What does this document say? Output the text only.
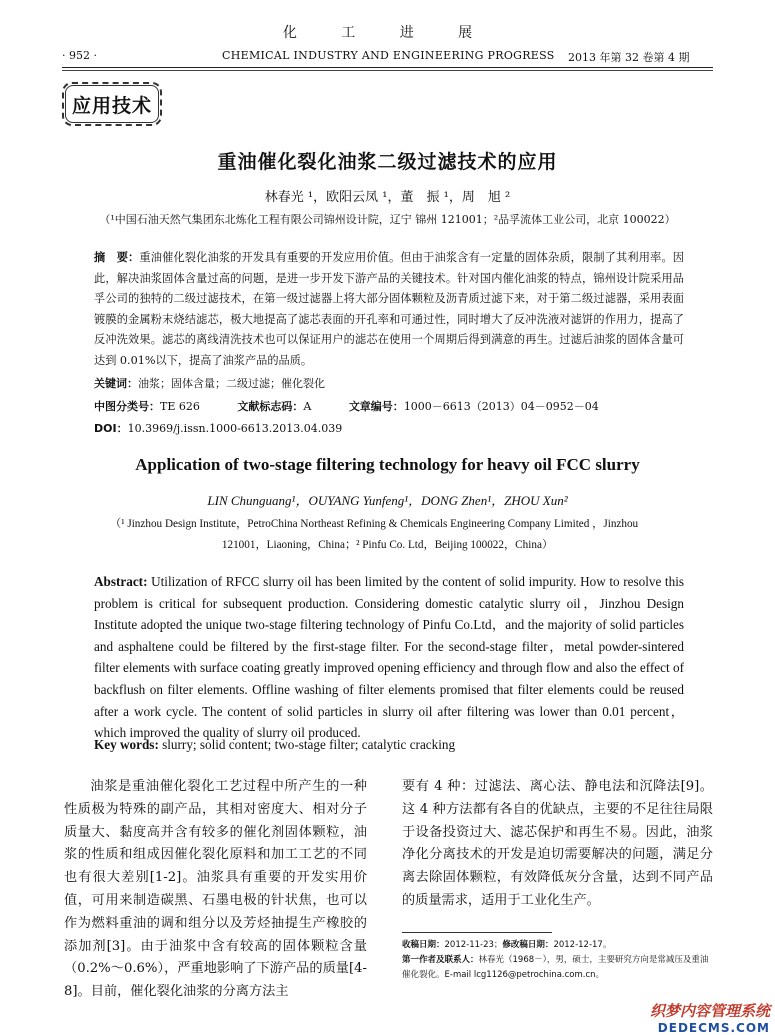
化 工 进 展
· 952 ·	CHEMICAL INDUSTRY AND ENGINEERING PROGRESS 2013 年第 32 卷第 4 期
应用技术
重油催化裂化油浆二级过滤技术的应用
林春光 ¹，欧阳云凤 ¹，董　振 ¹，周　旭 ²
（¹中国石油天然气集团东北炼化工程有限公司锦州设计院，辽宁 锦州 121001；²品孚流体工业公司，北京 100022）
摘　要：重油催化裂化油浆的开发具有重要的开发应用价值。但由于油浆含有一定量的固体杂质，限制了其利用率。因此，解决油浆固体含量过高的问题，是进一步开发下游产品的关键技术。针对国内催化油浆的特点，锦州设计院采用品孚公司的独特的二级过滤技术，在第一级过滤器上将大部分固体颗粒及沥青质过滤下来，对于第二级过滤器，采用表面镀膜的金属粉末烧结滤芯，极大地提高了滤芯表面的开孔率和可通过性，同时增大了反冲洗液对滤饼的作用力，提高了反冲洗效果。滤芯的离线清洗技术也可以保证用户的滤芯在使用一个周期后得到满意的再生。过滤后油浆的固体含量可达到 0.01%以下，提高了油浆产品的品质。
关键词：油浆；固体含量；二级过滤；催化裂化
中图分类号：TE 626	文献标志码：A	文章编号：1000－6613（2013）04－0952－04
DOI：10.3969/j.issn.1000-6613.2013.04.039
Application of two-stage filtering technology for heavy oil FCC slurry
LIN Chunguang¹，OUYANG Yunfeng¹，DONG Zhen¹，ZHOU Xun²
（¹ Jinzhou Design Institute，PetroChina Northeast Refining & Chemicals Engineering Company Limited ，Jinzhou
121001，Liaoning，China；² Pinfu Co. Ltd，Beijing 100022，China）
Abstract: Utilization of RFCC slurry oil has been limited by the content of solid impurity. How to resolve this problem is critical for subsequent production. Considering domestic catalytic slurry oil，Jinzhou Design Institute adopted the unique two-stage filtering technology of Pinfu Co.Ltd，and the majority of solid particles and asphaltene could be filtered by the first-stage filter. For the second-stage filter，metal powder-sintered filter elements with surface coating greatly improved opening efficiency and through flow and also the effect of backflush on filter elements. Offline washing of filter elements promised that filter elements could be reused after a work cycle. The content of solid particles in slurry oil after filtering was lower than 0.01 percent，which improved the quality of slurry oil produced.
Key words: slurry; solid content; two-stage filter; catalytic cracking
油浆是重油催化裂化工艺过程中所产生的一种性质极为特殊的副产品，其相对密度大、相对分子质量大、黏度高并含有较多的催化剂固体颗粒，油浆的性质和组成因催化裂化原料和加工工艺的不同也有很大差别[1-2]。油浆具有重要的开发实用价值，可用来制造碳黑、石墨电极的针状焦，也可以作为燃料重油的调和组分以及芳烃抽提生产橡胶的添加剂[3]。由于油浆中含有较高的固体颗粒含量（0.2%～0.6%），严重地影响了下游产品的质量[4-8]。目前，催化裂化油浆的分离方法主
要有 4 种：过滤法、离心法、静电法和沉降法[9]。这 4 种方法都有各自的优缺点，主要的不足往往局限于设备投资过大、滤芯保护和再生不易。因此，油浆净化分离技术的开发是迫切需要解决的问题，满足分离去除固体颗粒，有效降低灰分含量，达到不同产品的质量需求，适用于工业化生产。
收稿日期：2012-11-23；修改稿日期：2012-12-17。
第一作者及联系人：林春光（1968－），男，硕士，主要研究方向是常减压及重油催化裂化。E-mail lcg1126@petrochina.com.cn。
织梦内容管理系统
DEDECMS.COM
